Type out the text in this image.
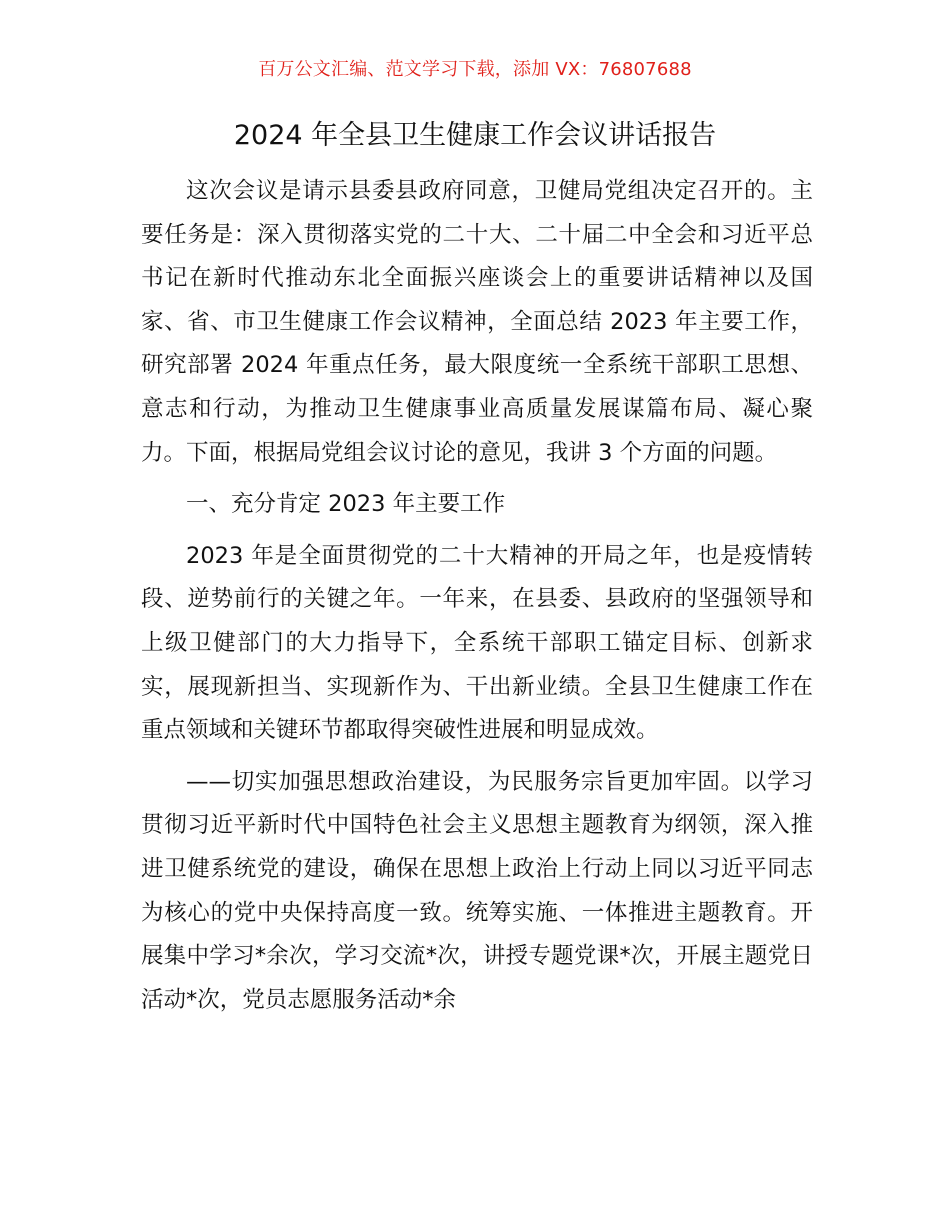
百万公文汇编、范文学习下载，添加 VX：76807688
2024 年全县卫生健康工作会议讲话报告

这次会议是请示县委县政府同意，卫健局党组决定召开的。主要任务是：深入贯彻落实党的二十大、二十届二中全会和习近平总书记在新时代推动东北全面振兴座谈会上的重要讲话精神以及国家、省、市卫生健康工作会议精神，全面总结 2023 年主要工作，研究部署 2024 年重点任务，最大限度统一全系统干部职工思想、意志和行动，为推动卫生健康事业高质量发展谋篇布局、凝心聚力。下面，根据局党组会议讨论的意见，我讲 3 个方面的问题。

一、充分肯定 2023 年主要工作

2023 年是全面贯彻党的二十大精神的开局之年，也是疫情转段、逆势前行的关键之年。一年来，在县委、县政府的坚强领导和上级卫健部门的大力指导下，全系统干部职工锚定目标、创新求实，展现新担当、实现新作为、干出新业绩。全县卫生健康工作在重点领域和关键环节都取得突破性进展和明显成效。

——切实加强思想政治建设，为民服务宗旨更加牢固。以学习贯彻习近平新时代中国特色社会主义思想主题教育为纲领，深入推进卫健系统党的建设，确保在思想上政治上行动上同以习近平同志为核心的党中央保持高度一致。统筹实施、一体推进主题教育。开展集中学习*余次，学习交流*次，讲授专题党课*次，开展主题党日活动*次，党员志愿服务活动*余
